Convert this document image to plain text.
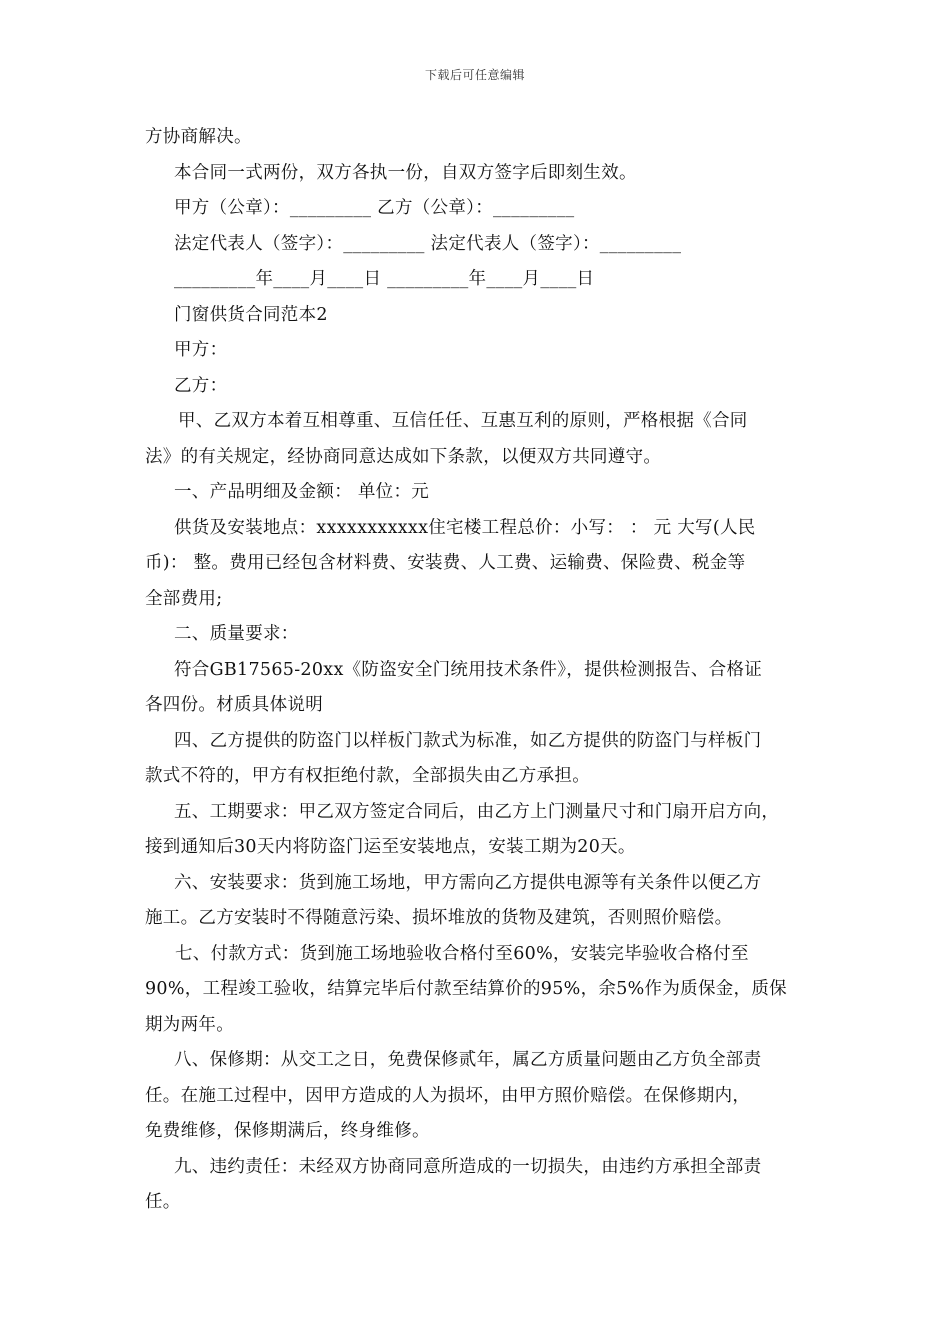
下载后可任意编辑
方协商解决。
本合同一式两份，双方各执一份，自双方签字后即刻生效。
甲方（公章）：_________ 乙方（公章）：_________
法定代表人（签字）：_________ 法定代表人（签字）：_________
_________年____月____日 _________年____月____日
门窗供货合同范本2
甲方：
乙方：
甲、乙双方本着互相尊重、互信任任、互惠互利的原则，严格根据《合同
法》的有关规定，经协商同意达成如下条款，以便双方共同遵守。
一、产品明细及金额： 单位：元
供货及安装地点：xxxxxxxxxxx住宅楼工程总价：小写： ： 元 大写(人民
币)： 整。费用已经包含材料费、安装费、人工费、运输费、保险费、税金等
全部费用;
二、质量要求：
符合GB17565-20xx《防盗安全门统用技术条件》，提供检测报告、合格证
各四份。材质具体说明
四、乙方提供的防盗门以样板门款式为标准，如乙方提供的防盗门与样板门
款式不符的，甲方有权拒绝付款，全部损失由乙方承担。
五、工期要求：甲乙双方签定合同后，由乙方上门测量尺寸和门扇开启方向，
接到通知后30天内将防盗门运至安装地点，安装工期为20天。
六、安装要求：货到施工场地，甲方需向乙方提供电源等有关条件以便乙方
施工。乙方安装时不得随意污染、损坏堆放的货物及建筑，否则照价赔偿。
七、付款方式：货到施工场地验收合格付至60%，安装完毕验收合格付至
90%，工程竣工验收，结算完毕后付款至结算价的95%，余5%作为质保金，质保
期为两年。
八、保修期：从交工之日，免费保修贰年，属乙方质量问题由乙方负全部责
任。在施工过程中，因甲方造成的人为损坏，由甲方照价赔偿。在保修期内，
免费维修，保修期满后，终身维修。
九、违约责任：未经双方协商同意所造成的一切损失，由违约方承担全部责
任。
